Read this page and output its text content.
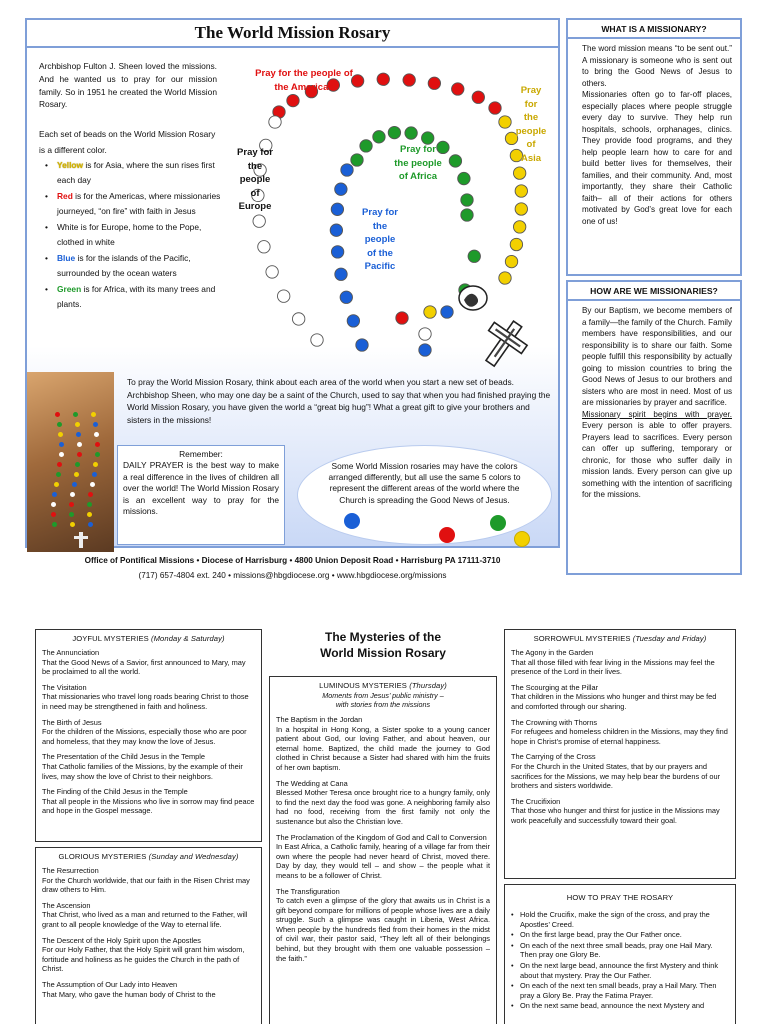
The World Mission Rosary

Archbishop Fulton J. Sheen loved the missions. And he wanted us to pray for our mission family. So in 1951 he created the World Mission Rosary.

Each set of beads on the World Mission Rosary is a different color.

• Yellow is for Asia, where the sun rises first each day
• Red is for the Americas, where missionaries journeyed, “on fire” with faith in Jesus
• White is for Europe, home to the Pope, clothed in white
• Blue is for the islands of the Pacific, surrounded by the ocean waters
• Green is for Africa, with its many trees and plants.
Pray for the people of the Americas	Pray
for
the
people
of
Asia
Pray for
the
people
of
Europe
Pray for
the people
of Africa
Pray for
the
people
of the
Pacific

To pray the World Mission Rosary, think about each area of the world when you start a new set of beads. Archbishop Sheen, who may one day be a saint of the Church, used to say that when you had finished praying the World Mission Rosary, you have given the world a “great big hug”! What a great gift to give your brothers and sisters in the missions!

Remember:
DAILY PRAYER is the best way to make a real difference in the lives of children all over the world! The World Mission Rosary is an excellent way to pray for the missions.
Some World Mission rosaries may have the colors arranged differently, but all use the same 5 colors to represent the different areas of the world where the Church is spreading the Good News of Jesus.
Office of Pontifical Missions • Diocese of Harrisburg • 4800 Union Deposit Road • Harrisburg PA 17111-3710
(717) 657-4804 ext. 240 • missions@hbgdiocese.org • www.hbgdiocese.org/missions
WHAT IS A MISSIONARY?

The word mission means “to be sent out.” A missionary is someone who is sent out to bring the Good News of Jesus to others.

Missionaries often go to far-off places, especially places where people struggle every day to survive. They help run hospitals, schools, orphanages, clinics. They provide food programs, and they help people learn how to care for and build better lives for themselves, their families, and their community. And, most importantly, they share their Catholic faith– all of their actions for others motivated by God’s great love for each one of us!

HOW ARE WE MISSIONARIES?

By our Baptism, we become members of a family—the family of the Church. Family members have responsibilities, and our responsibility is to share our faith. Some people fulfill this responsibility by actually going to mission countries to bring the Good News of Jesus to our brothers and sisters who are most in need. Most of us are missionaries by prayer and sacrifice.

Missionary spirit begins with prayer. Every person is able to offer prayers. Prayers lead to sacrifices. Every person can offer up suffering, temporary or chronic, for those who suffer daily in mission lands. Every person can give up something with the intention of sacrificing for the missions.

JOYFUL MYSTERIES (Monday & Saturday)
The Annunciation
That the Good News of a Savior, first announced to Mary, may be proclaimed to all the world.
The Visitation
That missionaries who travel long roads bearing Christ to those in need may be strengthened in faith and holiness.
The Birth of Jesus
For the children of the Missions, especially those who are poor and homeless, that they may know the love of Jesus.
The Presentation of the Child Jesus in the Temple
That Catholic families of the Missions, by the example of their lives, may show the love of Christ to their neighbors.
The Finding of the Child Jesus in the Temple
That all people in the Missions who live in sorrow may find peace and hope in the Gospel message.
GLORIOUS MYSTERIES (Sunday and Wednesday)
The Resurrection
For the Church worldwide, that our faith in the Risen Christ may draw others to Him.
The Ascension
That Christ, who lived as a man and returned to the Father, will grant to all people knowledge of the Way to eternal life.
The Descent of the Holy Spirit upon the Apostles
For our Holy Father, that the Holy Spirit will grant him wisdom, fortitude and holiness as he guides the Church in the path of Christ.
The Assumption of Our Lady into Heaven
That Mary, who gave the human body of Christ to the
The Mysteries of the
World Mission Rosary
LUMINOUS MYSTERIES (Thursday)
Moments from Jesus’ public ministry –
with stories from the missions
The Baptism in the Jordan
In a hospital in Hong Kong, a Sister spoke to a young cancer patient about God, our loving Father, and about heaven, our eternal home. Baptized, the child made the journey to God clothed in Christ because a Sister had shared with him the fruits of her own baptism.
The Wedding at Cana
Blessed Mother Teresa once brought rice to a hungry family, only to find the next day the food was gone. A neighboring family also had no food, receiving from the first family not only the sustenance but also the Christian love.
The Proclamation of the Kingdom of God and Call to Conversion
In East Africa, a Catholic family, hearing of a village far from their own where the people had never heard of Christ, moved there. Day by day, they would tell – and show – the people what it means to be a follower of Christ.
The Transfiguration
To catch even a glimpse of the glory that awaits us in Christ is a gift beyond compare for millions of people whose lives are a daily struggle. Such a glimpse was caught in Liberia, West Africa. When people by the hundreds fled from their homes in the midst of civil war, their pastor said, “They left all of their belongings behind, but they brought with them one valuable possession – the faith.”
SORROWFUL MYSTERIES (Tuesday and Friday)
The Agony in the Garden
That all those filled with fear living in the Missions may feel the presence of the Lord in their lives.
The Scourging at the Pillar
That children in the Missions who hunger and thirst may be fed and comforted through our sharing.
The Crowning with Thorns
For refugees and homeless children in the Missions, may they find hope in Christ’s promise of eternal happiness.
The Carrying of the Cross
For the Church in the United States, that by our prayers and sacrifices for the Missions, we may help bear the burdens of our brothers and sisters worldwide.
The Crucifixion
That those who hunger and thirst for justice in the Missions may work peacefully and successfully toward their goal.
HOW TO PRAY THE ROSARY
• Hold the Crucifix, make the sign of the cross, and pray the Apostles’ Creed.
• On the first large bead, pray the Our Father once.
• On each of the next three small beads, pray one Hail Mary. Then pray one Glory Be.
• On the next large bead, announce the first Mystery and think about that mystery. Pray the Our Father.
• On each of the next ten small beads, pray a Hail Mary. Then pray a Glory Be. Pray the Fatima Prayer.
• On the next same bead, announce the next Mystery and
